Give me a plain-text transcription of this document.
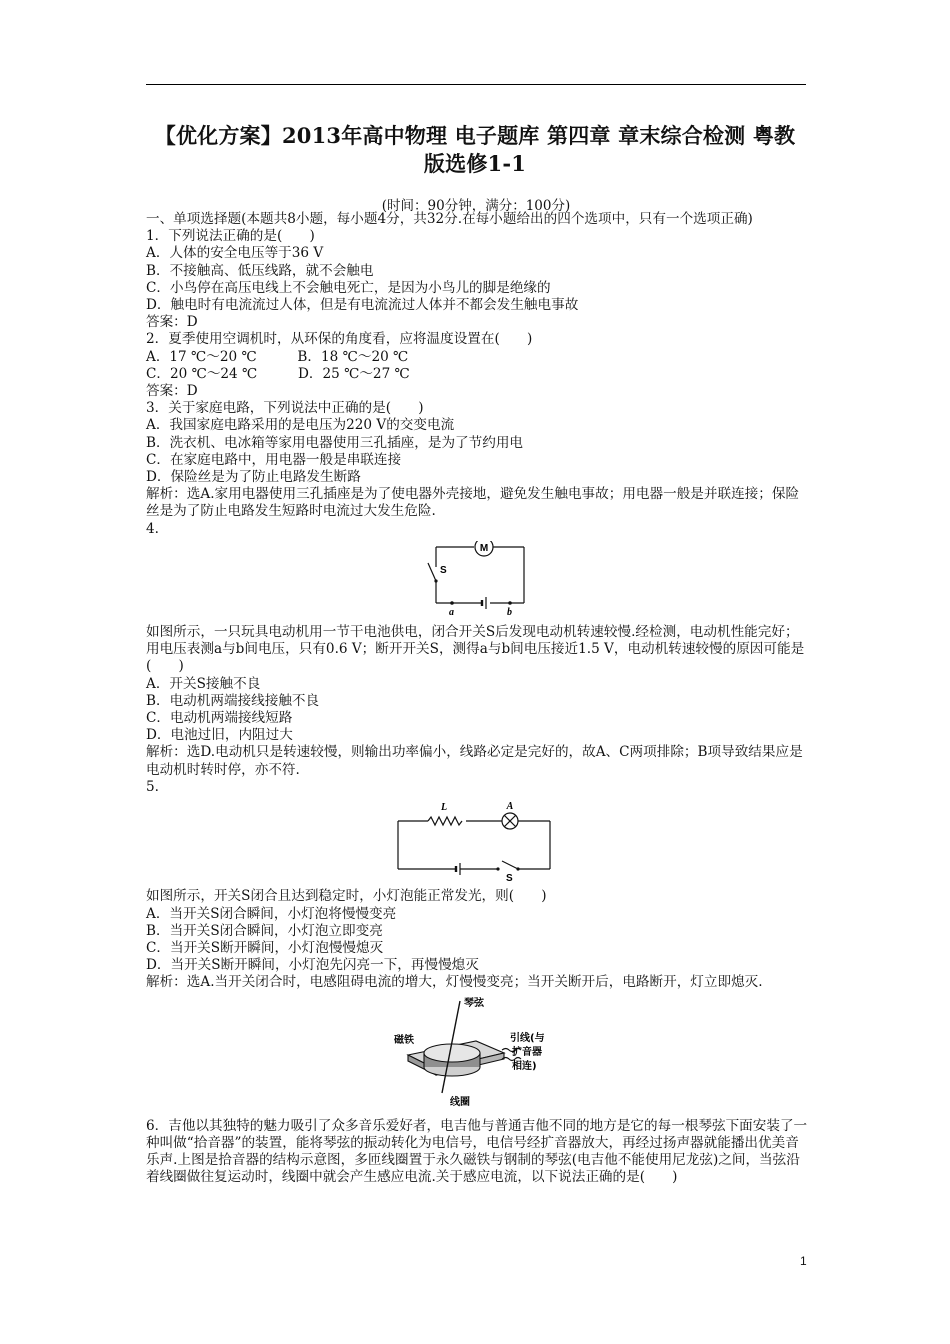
【优化方案】2013年高中物理 电子题库 第四章 章末综合检测 粤教
版选修1-1
(时间：90分钟，满分：100分)

一、单项选择题(本题共8小题，每小题4分，共32分.在每小题给出的四个选项中，只有一个选项正确)

1．下列说法正确的是(　　)

A．人体的安全电压等于36 V

B．不接触高、低压线路，就不会触电

C．小鸟停在高压电线上不会触电死亡，是因为小鸟儿的脚是绝缘的

D．触电时有电流流过人体，但是有电流流过人体并不都会发生触电事故

答案：D

2．夏季使用空调机时，从环保的角度看，应将温度设置在(　　)

A．17 ℃～20 ℃　　　B．18 ℃～20 ℃

C．20 ℃～24 ℃　　　D．25 ℃～27 ℃

答案：D

3．关于家庭电路，下列说法中正确的是(　　)

A．我国家庭电路采用的是电压为220 V的交变电流

B．洗衣机、电冰箱等家用电器使用三孔插座，是为了节约用电

C．在家庭电路中，用电器一般是串联连接

D．保险丝是为了防止电路发生断路

解析：选A.家用电器使用三孔插座是为了使电器外壳接地，避免发生触电事故；用电器一般是并联连接；保险丝是为了防止电路发生短路时电流过大发生危险.

4.

M
S
a	b

如图所示，一只玩具电动机用一节干电池供电，闭合开关S后发现电动机转速较慢.经检测，电动机性能完好；用电压表测a与b间电压，只有0.6 V；断开开关S，测得a与b间电压接近1.5 V，电动机转速较慢的原因可能是(　　)

A．开关S接触不良

B．电动机两端接线接触不良

C．电动机两端接线短路

D．电池过旧，内阻过大

解析：选D.电动机只是转速较慢，则输出功率偏小，线路必定是完好的，故A、C两项排除；B项导致结果应是电动机时转时停，亦不符.

5.

L	A
S

如图所示，开关S闭合且达到稳定时，小灯泡能正常发光，则(　　)

A．当开关S闭合瞬间，小灯泡将慢慢变亮

B．当开关S闭合瞬间，小灯泡立即变亮

C．当开关S断开瞬间，小灯泡慢慢熄灭

D．当开关S断开瞬间，小灯泡先闪亮一下，再慢慢熄灭

解析：选A.当开关闭合时，电感阻碍电流的增大，灯慢慢变亮；当开关断开后，电路断开，灯立即熄灭.

琴弦
磁铁	引线(与
扩音器
相连)
线圈

6．吉他以其独特的魅力吸引了众多音乐爱好者，电吉他与普通吉他不同的地方是它的每一根琴弦下面安装了一种叫做“拾音器”的装置，能将琴弦的振动转化为电信号，电信号经扩音器放大，再经过扬声器就能播出优美音乐声.上图是拾音器的结构示意图，多匝线圈置于永久磁铁与钢制的琴弦(电吉他不能使用尼龙弦)之间，当弦沿着线圈做往复运动时，线圈中就会产生感应电流.关于感应电流，以下说法正确的是(　　)

1
